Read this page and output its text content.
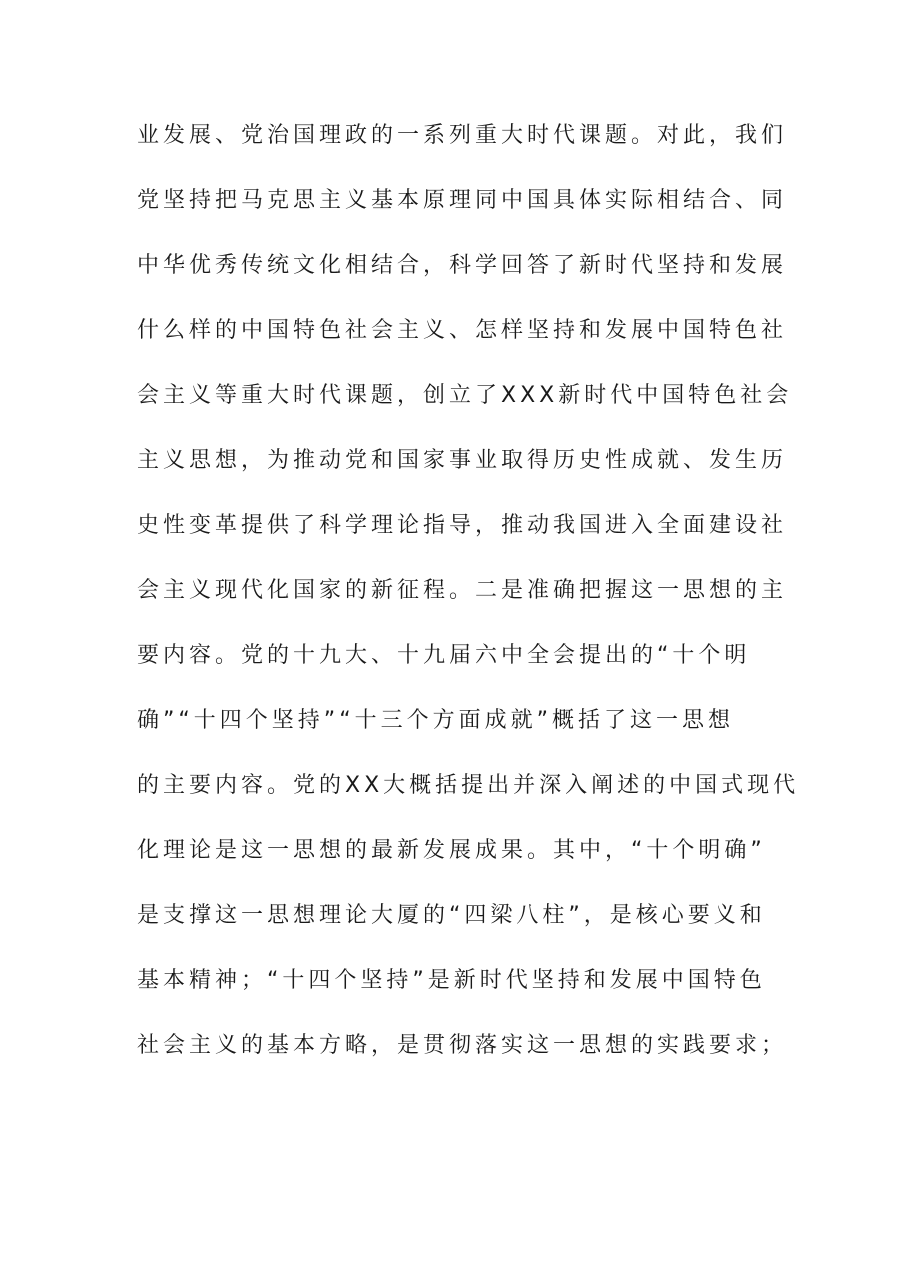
业发展、党治国理政的一系列重大时代课题。对此，我们
党坚持把马克思主义基本原理同中国具体实际相结合、同
中华优秀传统文化相结合，科学回答了新时代坚持和发展
什么样的中国特色社会主义、怎样坚持和发展中国特色社
会主义等重大时代课题，创立了XXX新时代中国特色社会
主义思想，为推动党和国家事业取得历史性成就、发生历
史性变革提供了科学理论指导，推动我国进入全面建设社
会主义现代化国家的新征程。二是准确把握这一思想的主
要内容。党的十九大、十九届六中全会提出的“十个明
确”“十四个坚持”“十三个方面成就”概括了这一思想
的主要内容。党的XX大概括提出并深入阐述的中国式现代
化理论是这一思想的最新发展成果。其中，“十个明确”
是支撑这一思想理论大厦的“四梁八柱”，是核心要义和
基本精神；“十四个坚持”是新时代坚持和发展中国特色
社会主义的基本方略，是贯彻落实这一思想的实践要求；
